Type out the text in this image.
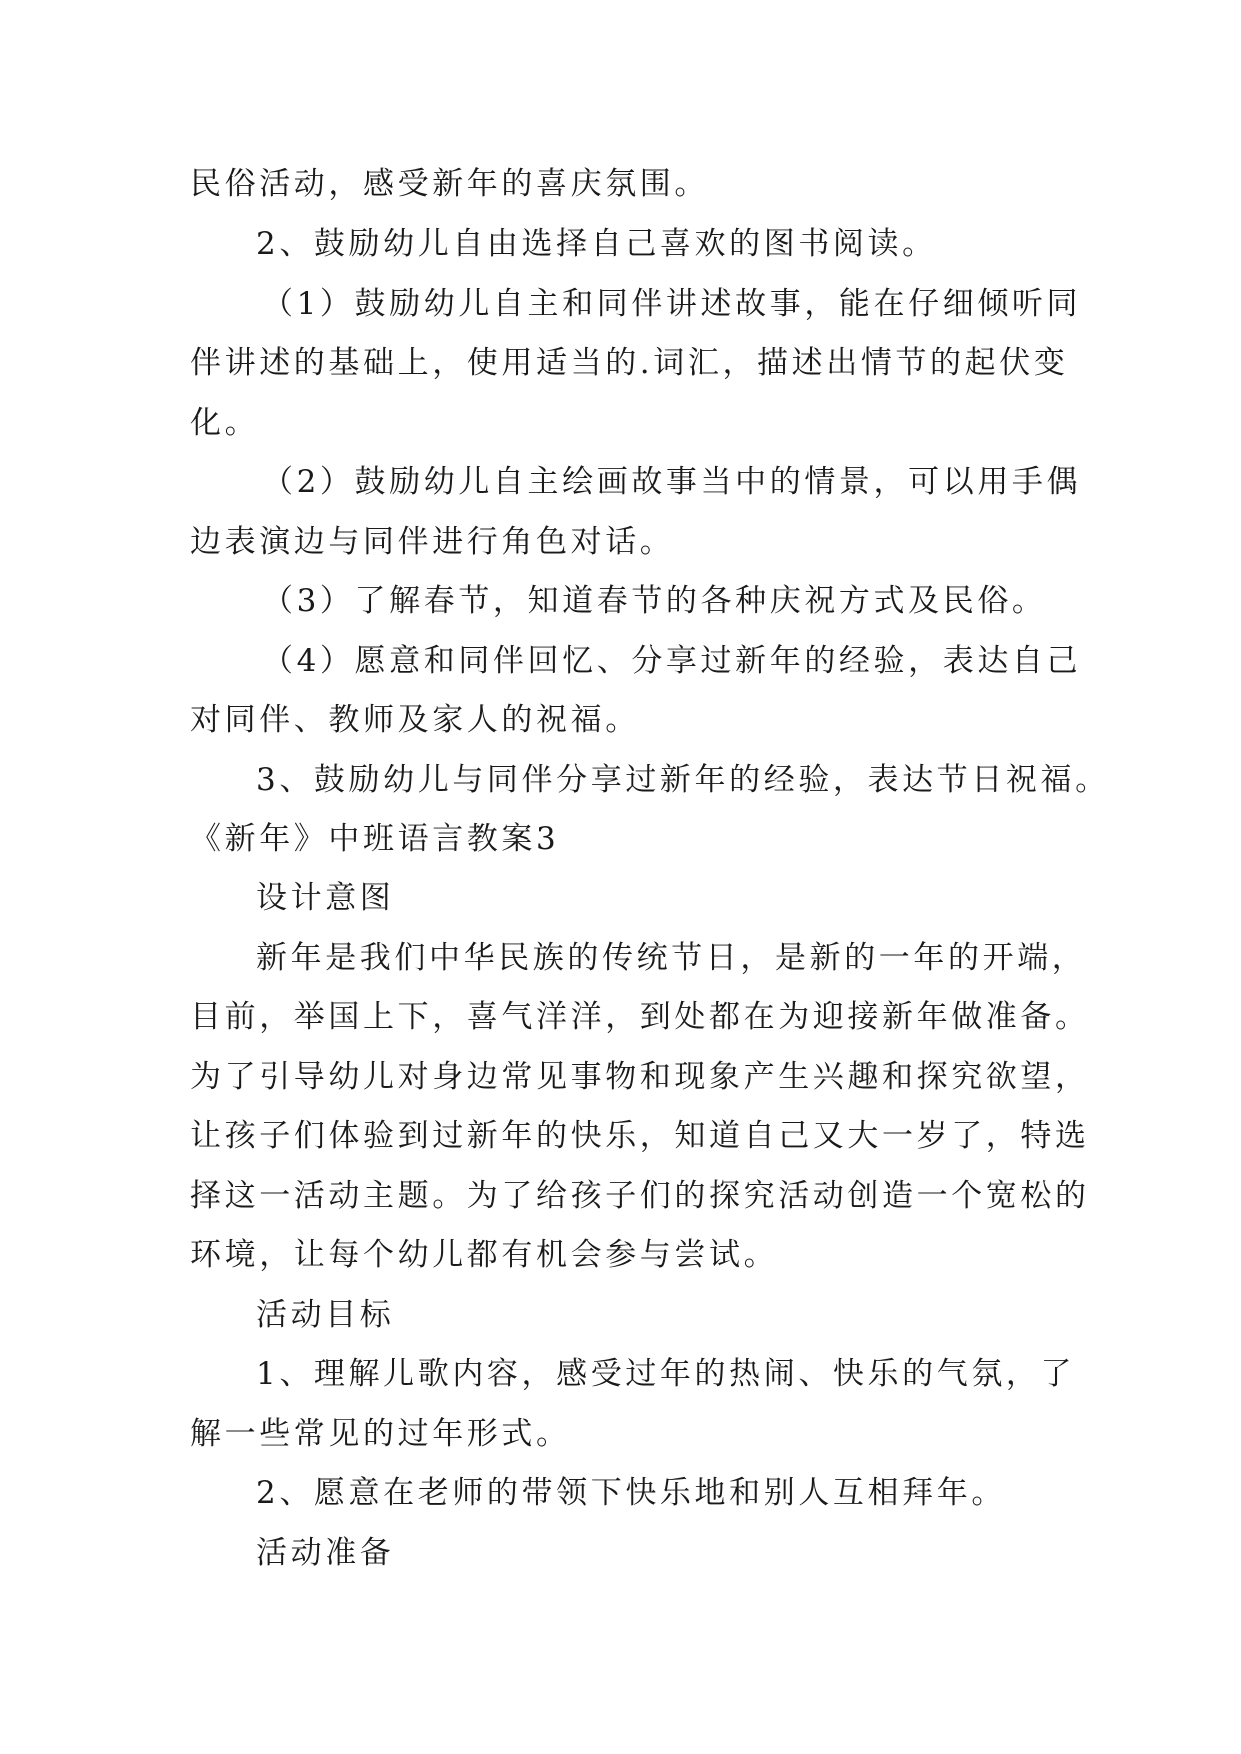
民俗活动，感受新年的喜庆氛围。
2、鼓励幼儿自由选择自己喜欢的图书阅读。
（1）鼓励幼儿自主和同伴讲述故事，能在仔细倾听同
伴讲述的基础上，使用适当的.词汇，描述出情节的起伏变
化。
（2）鼓励幼儿自主绘画故事当中的情景，可以用手偶
边表演边与同伴进行角色对话。
（3）了解春节，知道春节的各种庆祝方式及民俗。
（4）愿意和同伴回忆、分享过新年的经验，表达自己
对同伴、教师及家人的祝福。
3、鼓励幼儿与同伴分享过新年的经验，表达节日祝福。
《新年》中班语言教案3
设计意图
新年是我们中华民族的传统节日，是新的一年的开端，
目前，举国上下，喜气洋洋，到处都在为迎接新年做准备。
为了引导幼儿对身边常见事物和现象产生兴趣和探究欲望，
让孩子们体验到过新年的快乐，知道自己又大一岁了，特选
择这一活动主题。为了给孩子们的探究活动创造一个宽松的
环境，让每个幼儿都有机会参与尝试。
活动目标
1、理解儿歌内容，感受过年的热闹、快乐的气氛，了
解一些常见的过年形式。
2、愿意在老师的带领下快乐地和别人互相拜年。
活动准备
